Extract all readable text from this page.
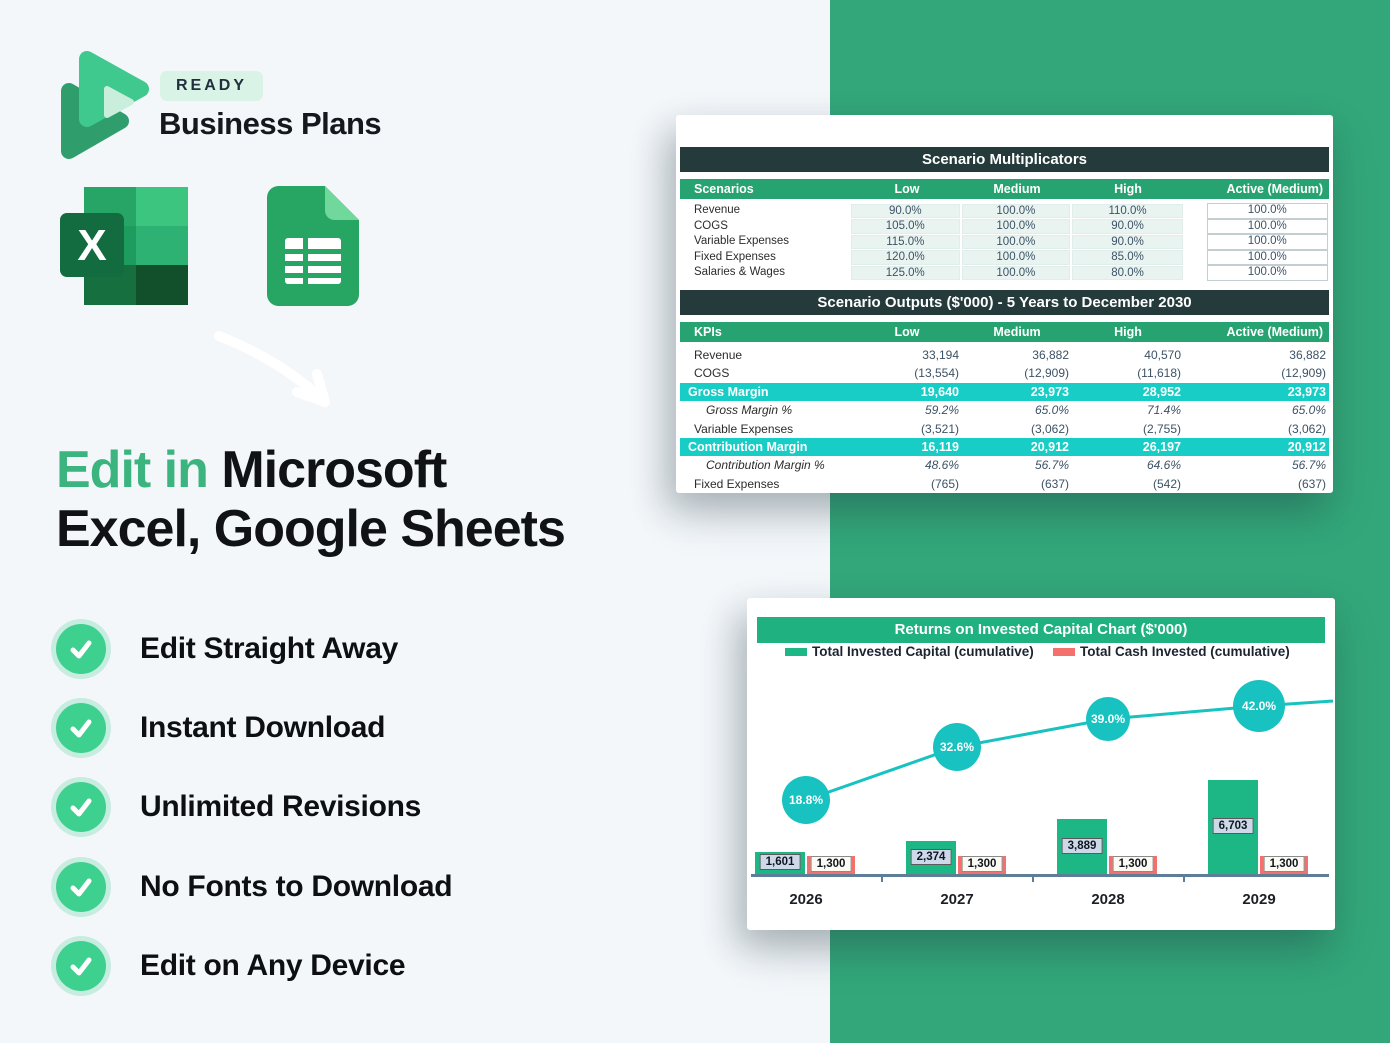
READY
Business Plans
X
Edit in Microsoft
Excel, Google Sheets
Edit Straight Away
Instant Download
Unlimited Revisions
No Fonts to Download
Edit on Any Device
Scenario Multiplicators
Scenarios	Low	Medium	High	Active (Medium)
Revenue	90.0%	100.0%	110.0%	100.0%
COGS	105.0%	100.0%	90.0%	100.0%
Variable Expenses	115.0%	100.0%	90.0%	100.0%
Fixed Expenses	120.0%	100.0%	85.0%	100.0%
Salaries & Wages	125.0%	100.0%	80.0%	100.0%
Scenario Outputs ($'000) - 5 Years to December 2030
KPIs	Low	Medium	High	Active (Medium)
Revenue	33,194	36,882	40,570	36,882
COGS	(13,554)	(12,909)	(11,618)	(12,909)
Gross Margin	19,640	23,973	28,952	23,973
Gross Margin %	59.2%	65.0%	71.4%	65.0%
Variable Expenses	(3,521)	(3,062)	(2,755)	(3,062)
Contribution Margin	16,119	20,912	26,197	20,912
Contribution Margin %	48.6%	56.7%	64.6%	56.7%
Fixed Expenses	(765)	(637)	(542)	(637)
Returns on Invested Capital Chart ($'000)
1,601	2,374
3,889
6,703
1,300	1,300	1,300	1,300
18.8%
32.6%
39.0%
42.0%
2026	2027	2028	2029
Total Invested Capital (cumulative)	Total Cash Invested (cumulative)
